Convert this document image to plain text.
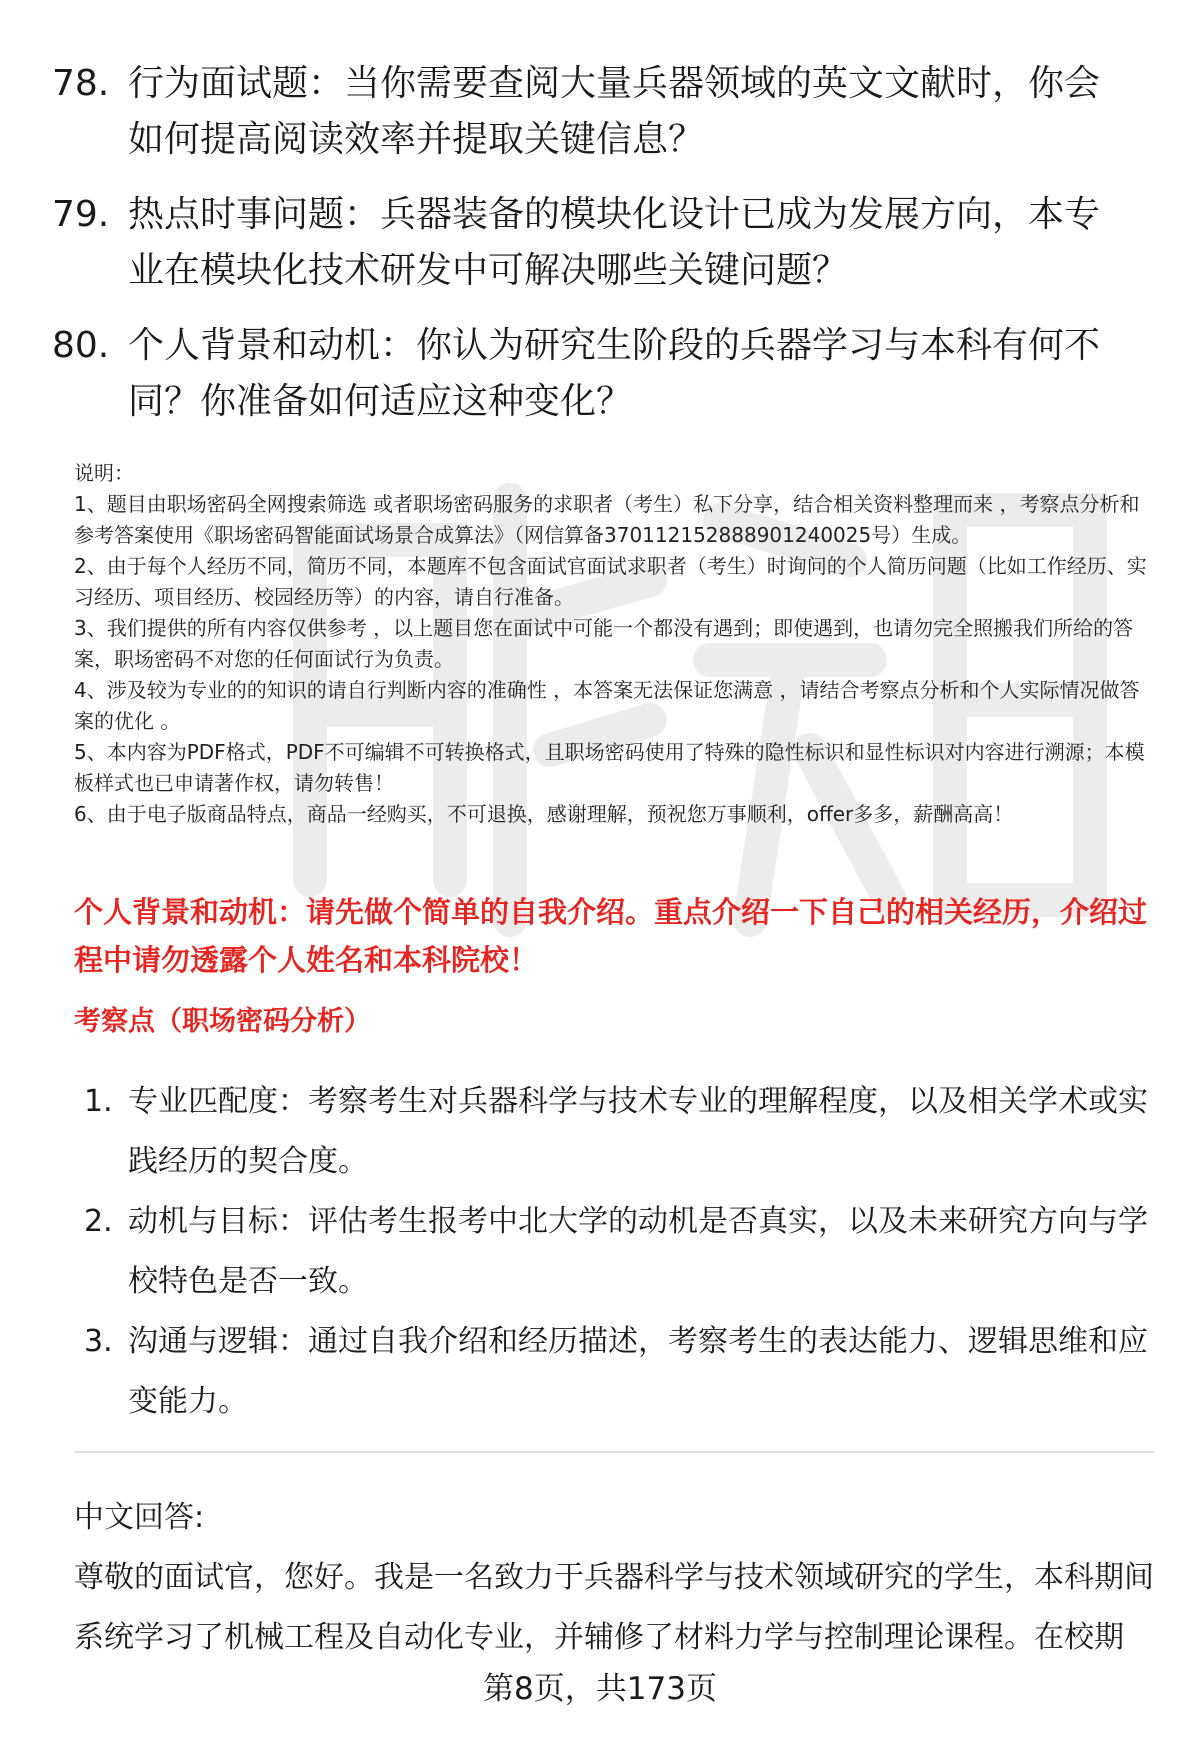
78. 行为面试题：当你需要查阅大量兵器领域的英文文献时，你会如何提高阅读效率并提取关键信息？
79. 热点时事问题：兵器装备的模块化设计已成为发展方向，本专业在模块化技术研发中可解决哪些关键问题？
80. 个人背景和动机：你认为研究生阶段的兵器学习与本科有何不同？你准备如何适应这种变化？

说明：

1、题目由职场密码全网搜索筛选 或者职场密码服务的求职者（考生）私下分享，结合相关资料整理而来 ，考察点分析和参考答案使用《职场密码智能面试场景合成算法》（网信算备370112152888901240025号）生成。

2、由于每个人经历不同，简历不同，本题库不包含面试官面试求职者（考生）时询问的个人简历问题（比如工作经历、实习经历、项目经历、校园经历等）的内容，请自行准备。

3、我们提供的所有内容仅供参考 ，以上题目您在面试中可能一个都没有遇到；即使遇到，也请勿完全照搬我们所给的答案，职场密码不对您的任何面试行为负责。

4、涉及较为专业的的知识的请自行判断内容的准确性 ，本答案无法保证您满意 ，请结合考察点分析和个人实际情况做答案的优化 。

5、本内容为PDF格式，PDF不可编辑不可转换格式，且职场密码使用了特殊的隐性标识和显性标识对内容进行溯源；本模板样式也已申请著作权，请勿转售！

6、由于电子版商品特点，商品一经购买，不可退换，感谢理解，预祝您万事顺利，offer多多，薪酬高高！

个人背景和动机：请先做个简单的自我介绍。重点介绍一下自己的相关经历，介绍过程中请勿透露个人姓名和本科院校！
考察点（职场密码分析）
1. 专业匹配度：考察考生对兵器科学与技术专业的理解程度，以及相关学术或实践经历的契合度。
2. 动机与目标：评估考生报考中北大学的动机是否真实，以及未来研究方向与学校特色是否一致。
3. 沟通与逻辑：通过自我介绍和经历描述，考察考生的表达能力、逻辑思维和应变能力。

中文回答:

尊敬的面试官，您好。我是一名致力于兵器科学与技术领域研究的学生，本科期间系统学习了机械工程及自动化专业，并辅修了材料力学与控制理论课程。在校期

第8页，共173页
